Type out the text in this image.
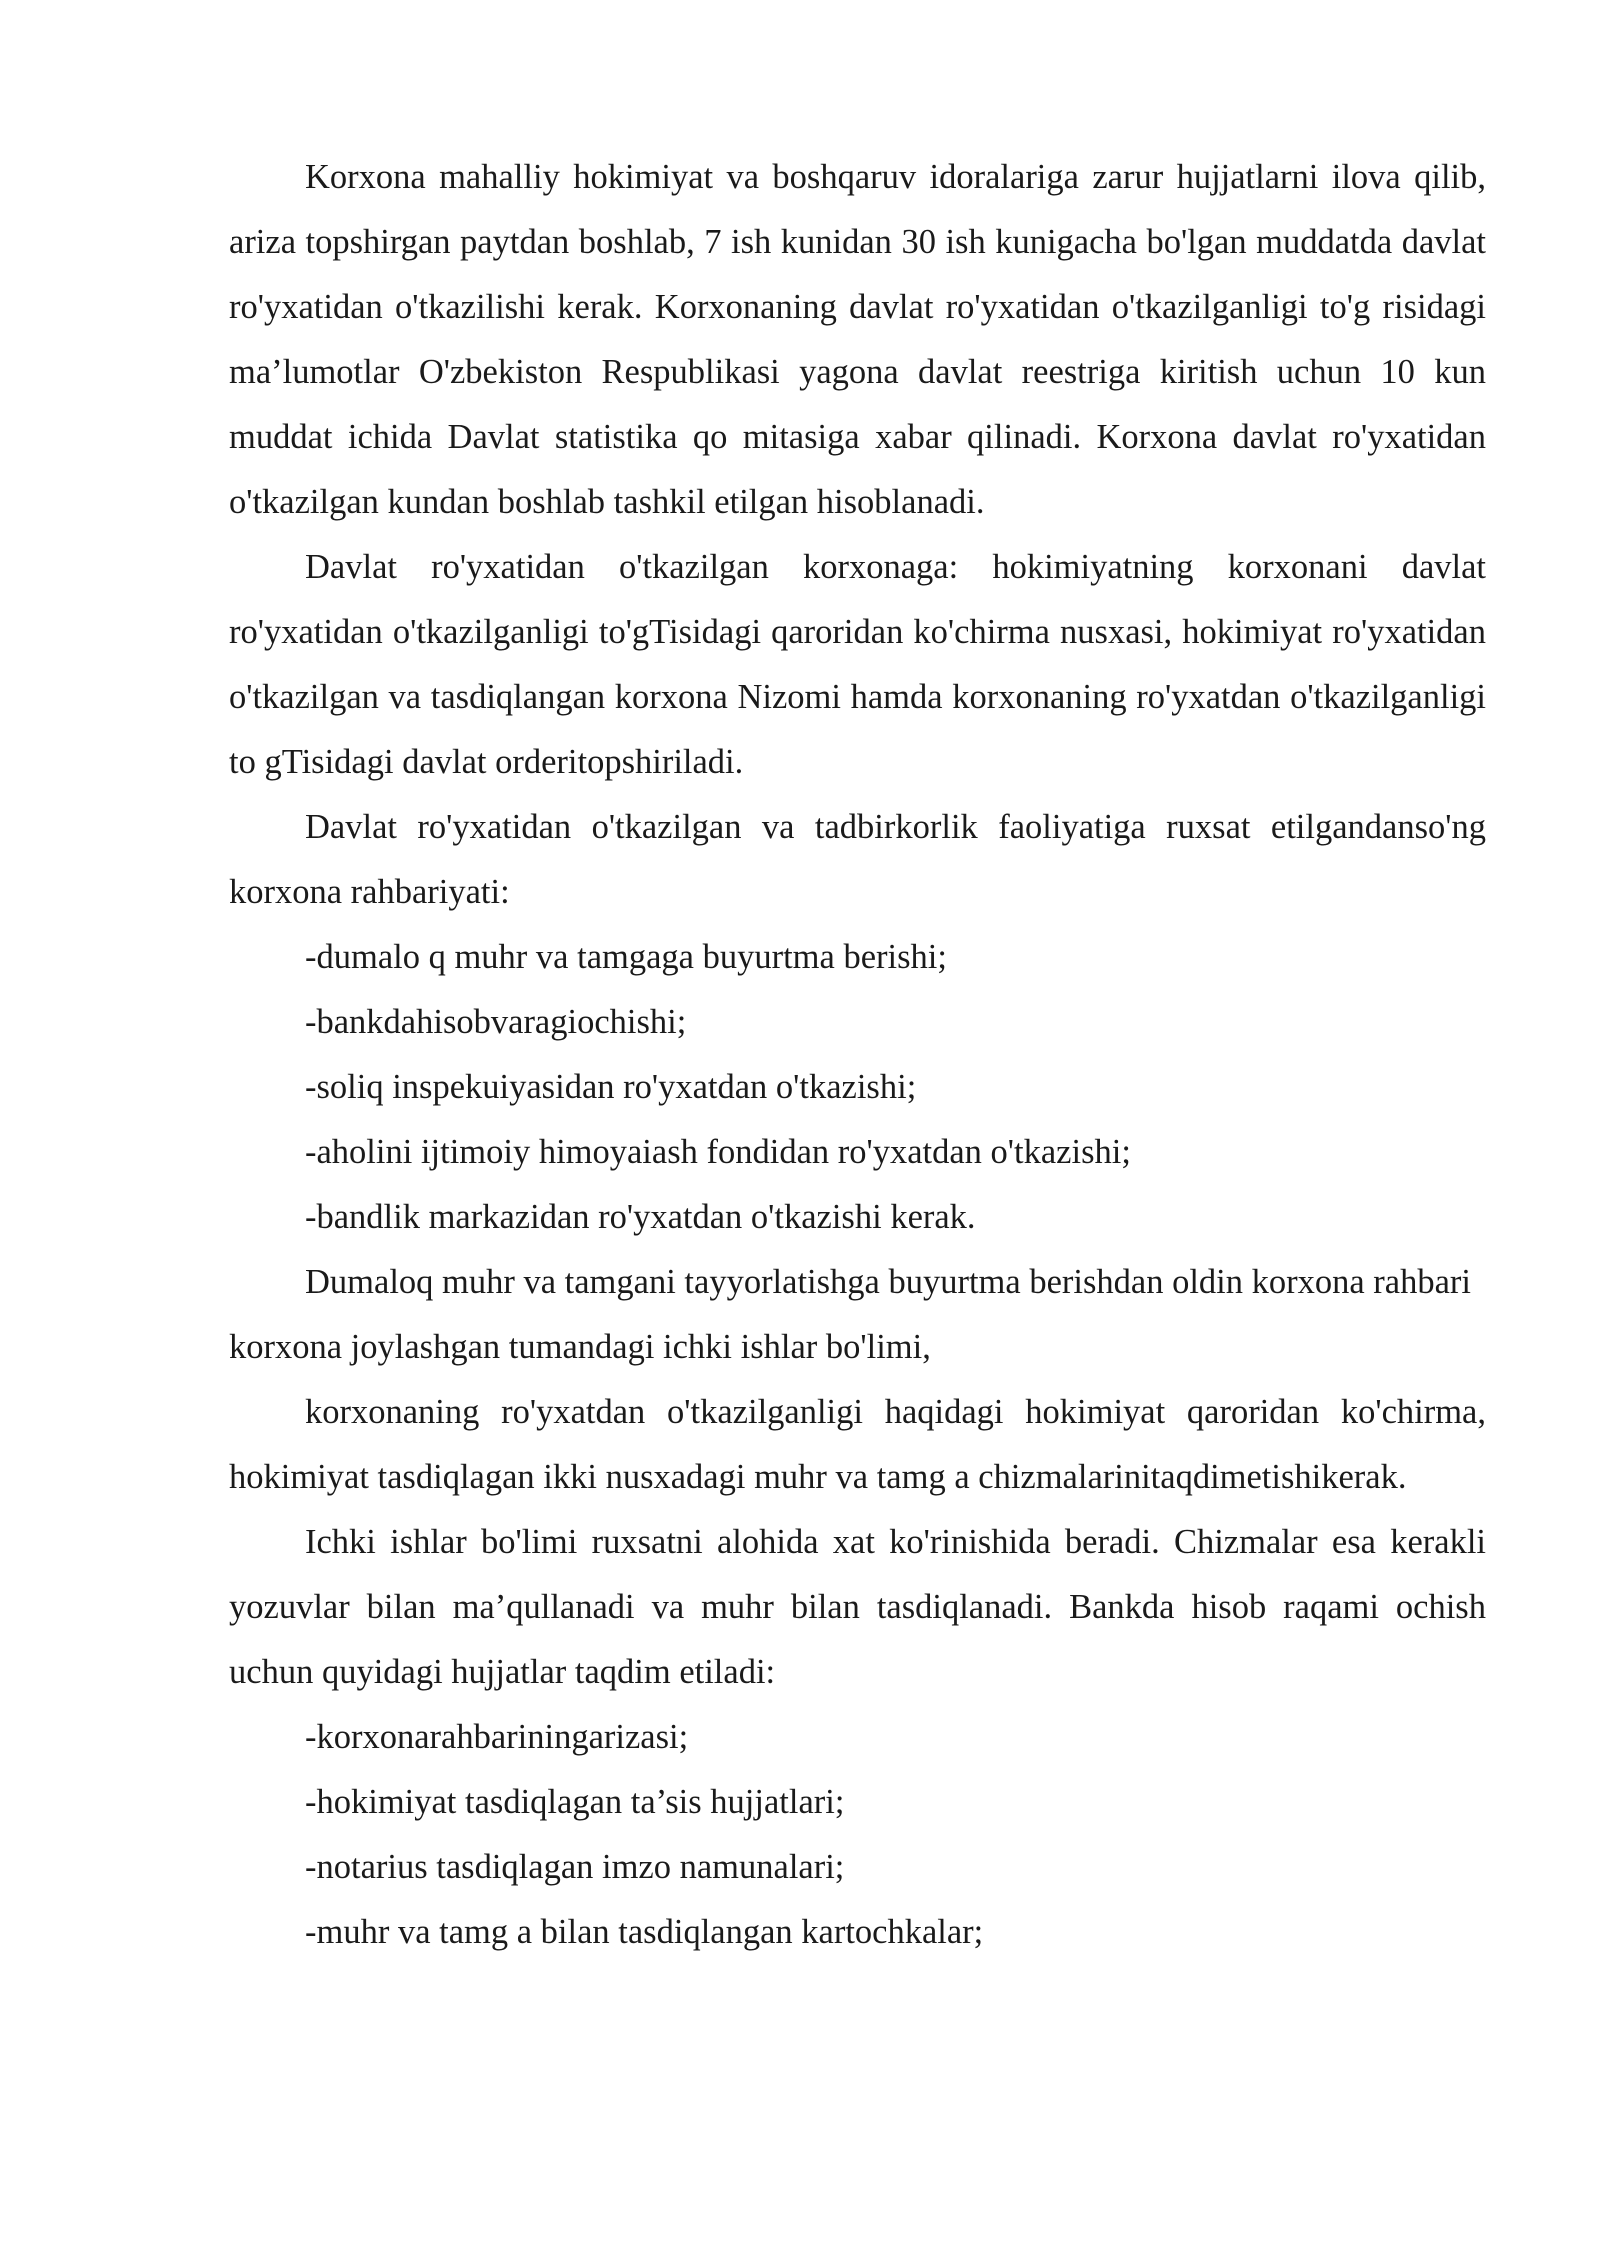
Korxona mahalliy hokimiyat va boshqaruv idoralariga zarur hujjatlarni ilova qilib, ariza topshirgan paytdan boshlab, 7 ish kunidan 30 ish kunigacha bo'lgan muddatda davlat ro'yxatidan o'tkazilishi kerak. Korxonaning davlat ro'yxatidan o'tkazilganligi to'g risidagi ma’lumotlar O'zbekiston Respublikasi yagona davlat reestriga kiritish uchun 10 kun muddat ichida Davlat statistika qo mitasiga xabar qilinadi. Korxona davlat ro'yxatidan o'tkazilgan kundan boshlab tashkil etilgan hisoblanadi.

Davlat ro'yxatidan o'tkazilgan korxonaga: hokimiyatning korxonani davlat ro'yxatidan o'tkazilganligi to'gTisidagi qaroridan ko'chirma nusxasi, hokimiyat ro'yxatidan o'tkazilgan va tasdiqlangan korxona Nizomi hamda korxonaning ro'yxatdan o'tkazilganligi to gTisidagi davlat orderitopshiriladi.

Davlat ro'yxatidan o'tkazilgan va tadbirkorlik faoliyatiga ruxsat etilgandanso'ng korxona rahbariyati:

-dumalo q muhr va tamgaga buyurtma berishi;

-bankdahisobvaragiochishi;

-soliq inspekuiyasidan ro'yxatdan o'tkazishi;

-aholini ijtimoiy himoyaiash fondidan ro'yxatdan o'tkazishi;

-bandlik markazidan ro'yxatdan o'tkazishi kerak.

Dumaloq muhr va tamgani tayyorlatishga buyurtma berishdan oldin korxona rahbari korxona joylashgan tumandagi ichki ishlar bo'limi,

korxonaning ro'yxatdan o'tkazilganligi haqidagi hokimiyat qaroridan ko'chirma, hokimiyat tasdiqlagan ikki nusxadagi muhr va tamg a chizmalarinitaqdimetishikerak.

Ichki ishlar bo'limi ruxsatni alohida xat ko'rinishida beradi. Chizmalar esa kerakli yozuvlar bilan ma’qullanadi va muhr bilan tasdiqlanadi. Bankda hisob raqami ochish uchun quyidagi hujjatlar taqdim etiladi:

-korxonarahbariningarizasi;

-hokimiyat tasdiqlagan ta’sis hujjatlari;

-notarius tasdiqlagan imzo namunalari;

-muhr va tamg a bilan tasdiqlangan kartochkalar;
